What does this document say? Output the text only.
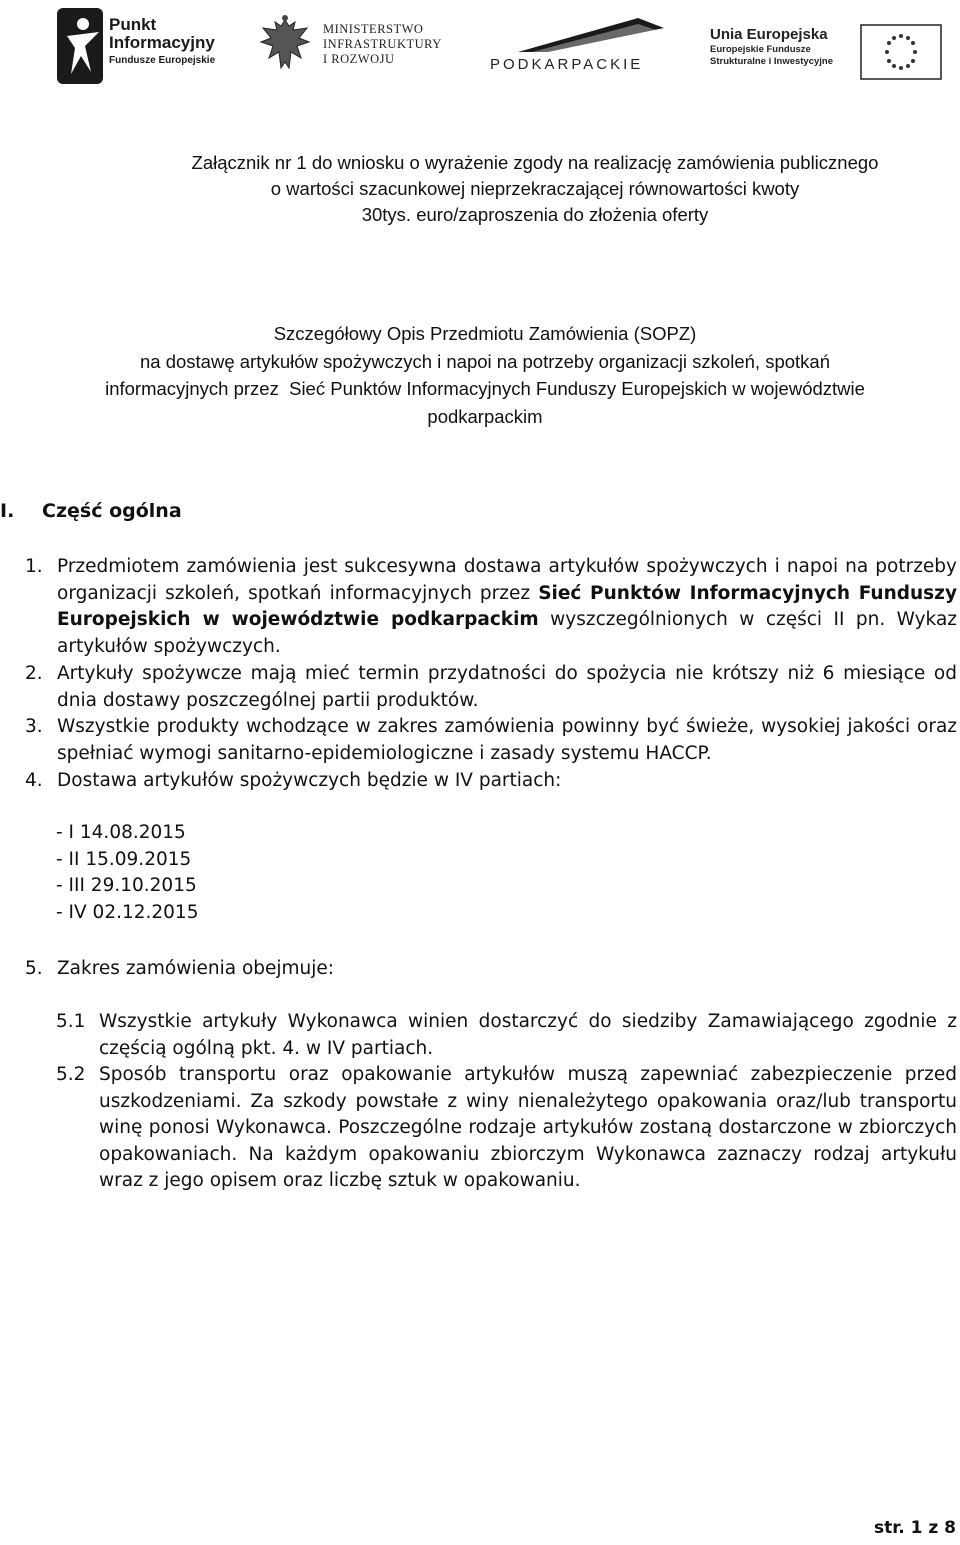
Punkt
Informacyjny
Fundusze Europejskie
MINISTERSTWO
INFRASTRUKTURY
I ROZWOJU	PODKARPACKIE
Unia Europejska
Europejskie Fundusze
Strukturalne i Inwestycyjne
Załącznik nr 1 do wniosku o wyrażenie zgody na realizację zamówienia publicznego
o wartości szacunkowej nieprzekraczającej równowartości kwoty
30tys. euro/zaproszenia do złożenia oferty
Szczegółowy Opis Przedmiotu Zamówienia (SOPZ)
na dostawę artykułów spożywczych i napoi na potrzeby organizacji szkoleń, spotkań
informacyjnych przez  Sieć Punktów Informacyjnych Funduszy Europejskich w województwie
podkarpackim
I. Część ogólna
1. Przedmiotem zamówienia jest sukcesywna dostawa artykułów spożywczych i napoi na potrzeby organizacji szkoleń, spotkań informacyjnych przez Sieć Punktów Informacyjnych Funduszy Europejskich w województwie podkarpackim wyszczególnionych w części II pn. Wykaz artykułów spożywczych.
2. Artykuły spożywcze mają mieć termin przydatności do spożycia nie krótszy niż 6 miesiące od dnia dostawy poszczególnej partii produktów.
3. Wszystkie produkty wchodzące w zakres zamówienia powinny być świeże, wysokiej jakości oraz spełniać wymogi sanitarno-epidemiologiczne i zasady systemu HACCP.
4. Dostawa artykułów spożywczych będzie w IV partiach:
- I 14.08.2015
- II 15.09.2015
- III 29.10.2015
- IV 02.12.2015
5. Zakres zamówienia obejmuje:
5.1 Wszystkie artykuły Wykonawca winien dostarczyć do siedziby Zamawiającego zgodnie z częścią ogólną pkt. 4. w IV partiach.
5.2 Sposób transportu oraz opakowanie artykułów muszą zapewniać zabezpieczenie przed uszkodzeniami. Za szkody powstałe z winy nienależytego opakowania oraz/lub transportu winę ponosi Wykonawca. Poszczególne rodzaje artykułów zostaną dostarczone w zbiorczych opakowaniach. Na każdym opakowaniu zbiorczym Wykonawca zaznaczy rodzaj artykułu wraz z jego opisem oraz liczbę sztuk w opakowaniu.
str. 1 z 8
